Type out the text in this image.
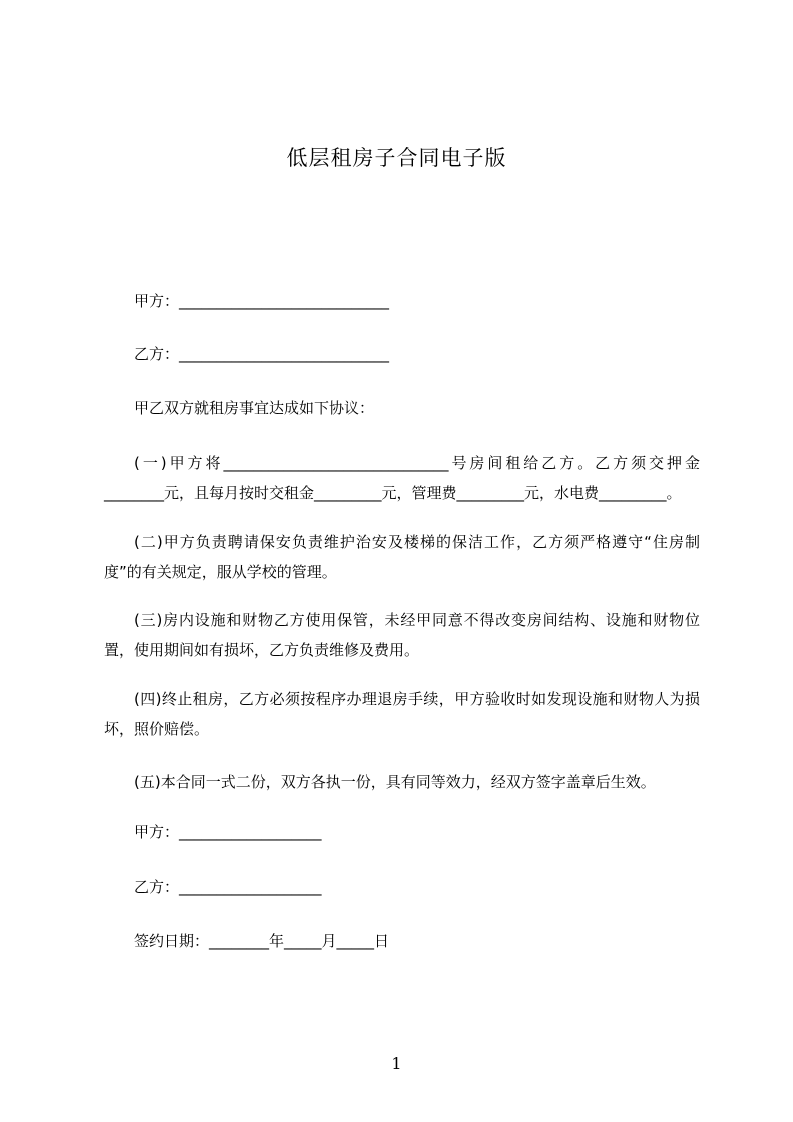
低层租房子合同电子版
甲方：____________________________
乙方：____________________________
甲乙双方就租房事宜达成如下协议：
(一)甲方将______________________________号房间租给乙方。乙方须交押金________元，且每月按时交租金_________元，管理费_________元，水电费_________。
(二)甲方负责聘请保安负责维护治安及楼梯的保洁工作，乙方须严格遵守“住房制度”的有关规定，服从学校的管理。
(三)房内设施和财物乙方使用保管，未经甲同意不得改变房间结构、设施和财物位置，使用期间如有损坏，乙方负责维修及费用。
(四)终止租房，乙方必须按程序办理退房手续，甲方验收时如发现设施和财物人为损坏，照价赔偿。
(五)本合同一式二份，双方各执一份，具有同等效力，经双方签字盖章后生效。
甲方：___________________
乙方：___________________
签约日期：________年_____月_____日
1
